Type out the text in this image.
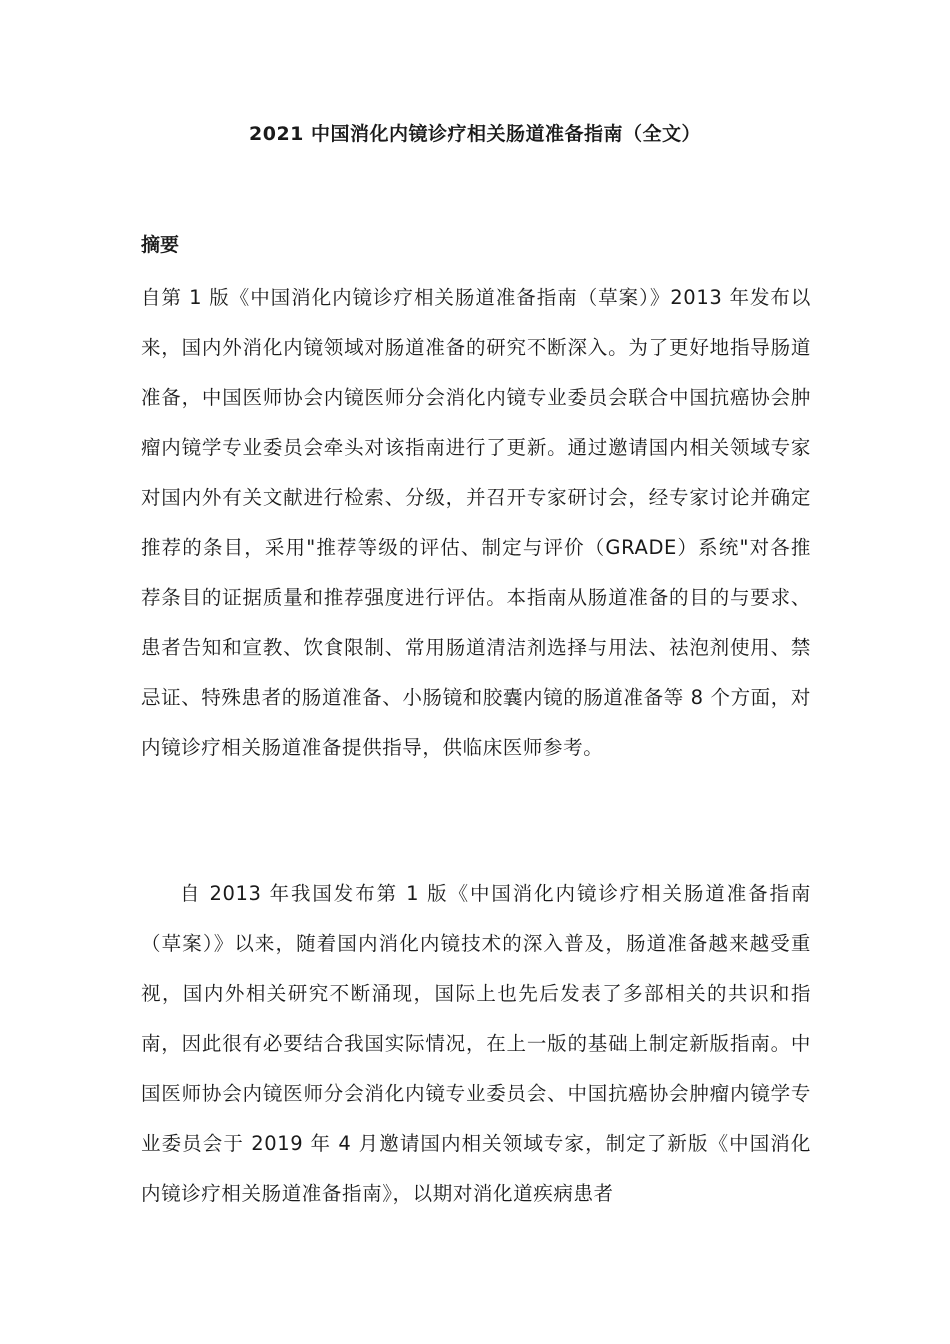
2021 中国消化内镜诊疗相关肠道准备指南（全文）
摘要

自第 1 版《中国消化内镜诊疗相关肠道准备指南（草案）》2013 年发布以来，国内外消化内镜领域对肠道准备的研究不断深入。为了更好地指导肠道准备，中国医师协会内镜医师分会消化内镜专业委员会联合中国抗癌协会肿瘤内镜学专业委员会牵头对该指南进行了更新。通过邀请国内相关领域专家对国内外有关文献进行检索、分级，并召开专家研讨会，经专家讨论并确定推荐的条目，采用"推荐等级的评估、制定与评价（GRADE）系统"对各推荐条目的证据质量和推荐强度进行评估。本指南从肠道准备的目的与要求、患者告知和宣教、饮食限制、常用肠道清洁剂选择与用法、祛泡剂使用、禁忌证、特殊患者的肠道准备、小肠镜和胶囊内镜的肠道准备等 8 个方面，对内镜诊疗相关肠道准备提供指导，供临床医师参考。

自 2013 年我国发布第 1 版《中国消化内镜诊疗相关肠道准备指南（草案）》以来，随着国内消化内镜技术的深入普及，肠道准备越来越受重视，国内外相关研究不断涌现，国际上也先后发表了多部相关的共识和指南，因此很有必要结合我国实际情况，在上一版的基础上制定新版指南。中国医师协会内镜医师分会消化内镜专业委员会、中国抗癌协会肿瘤内镜学专业委员会于 2019 年 4 月邀请国内相关领域专家，制定了新版《中国消化内镜诊疗相关肠道准备指南》，以期对消化道疾病患者
